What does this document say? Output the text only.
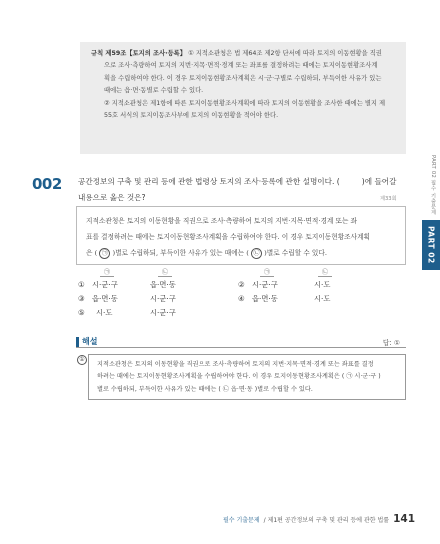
규칙 제59조【토지의 조사·등록】 ① 지적소관청은 법 제64조 제2항 단서에 따라 토지의 이동현황을 직권

으로 조사·측량하여 토지의 지번·지목·면적·경계 또는 좌표를 결정하려는 때에는 토지이동현황조사계

획을 수립하여야 한다. 이 경우 토지이동현황조사계획은 시·군·구별로 수립하되, 부득이한 사유가 있는

때에는 읍·면·동별로 수립할 수 있다.

② 지적소관청은 제1항에 따른 토지이동현황조사계획에 따라 토지의 이동현황을 조사한 때에는 별지 제

55호 서식의 토지이동조사부에 토지의 이동현황을 적어야 한다.

PART 02 필수 기출문제
PART 02
002 공간정보의 구축 및 관리 등에 관한 법령상 토지의 조사·등록에 관한 설명이다. (	)에 들어갈
내용으로 옳은 것은?	제33회
지적소관청은 토지의 이동현황을 직권으로 조사·측량하여 토지의 지번·지목·면적·경계 또는 좌
표를 결정하려는 때에는 토지이동현황조사계획을 수립하여야 한다. 이 경우 토지이동현황조사계획
은 ( ㉠ )별로 수립하되, 부득이한 사유가 있는 때에는 ( ㉡ )별로 수립할 수 있다.
㉠	㉡	㉠	㉡
① 시·군·구	읍·면·동	② 시·군·구	시·도
③ 읍·면·동	시·군·구	④ 읍·면·동	시·도
⑤ 시·도	시·군·구
해설	답: ①
①
지적소관청은 토지의 이동현황을 직권으로 조사·측량하여 토지의 지번·지목·면적·경계 또는 좌표를 결정
하려는 때에는 토지이동현황조사계획을 수립하여야 한다. 이 경우 토지이동현황조사계획은 ( ㉠ 시·군·구 )
별로 수립하되, 부득이한 사유가 있는 때에는 ( ㉡ 읍·면·동 )별로 수립할 수 있다.
필수 기출문제 / 제1편 공간정보의 구축 및 관리 등에 관한 법률 141
